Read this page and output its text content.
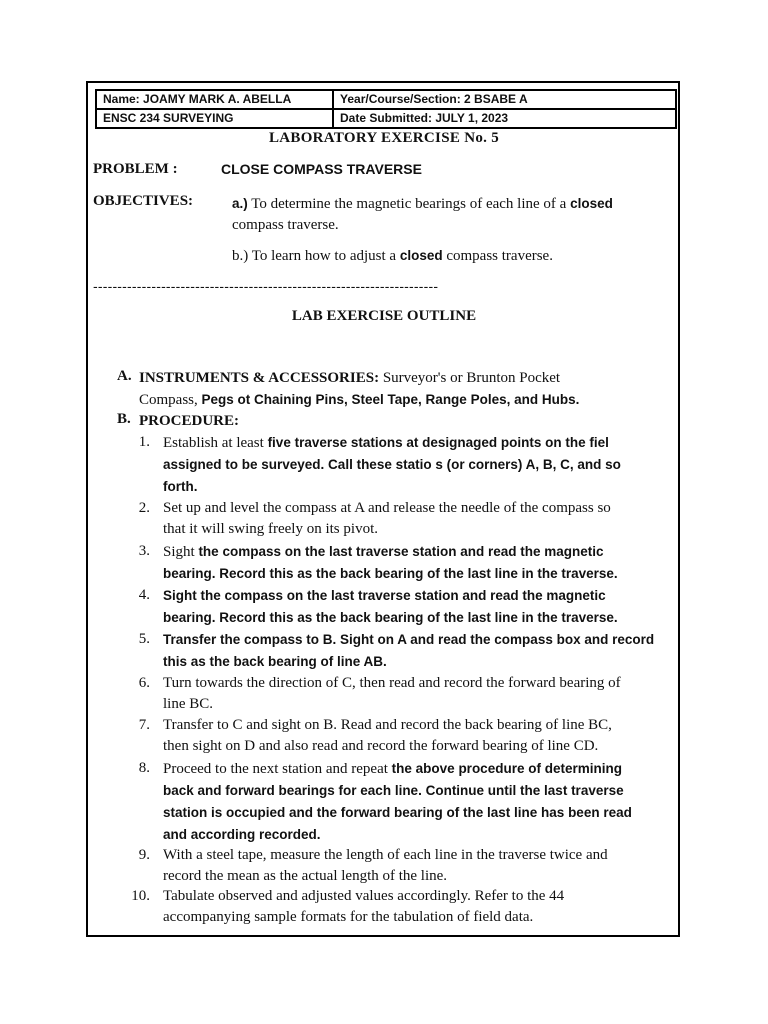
Name: JOAMY MARK A. ABELLA	Year/Course/Section: 2 BSABE A
ENSC 234 SURVEYING	Date Submitted: JULY 1, 2023
LABORATORY EXERCISE No. 5
PROBLEM :	CLOSE COMPASS TRAVERSE
OBJECTIVES:	a.) To determine the magnetic bearings of each line of a closed
compass traverse.
b.) To learn how to adjust a closed compass traverse.
-----------------------------------------------------------------------
LAB EXERCISE OUTLINE
A. INSTRUMENTS & ACCESSORIES: Surveyor's or Brunton Pocket
Compass, Pegs ot Chaining Pins, Steel Tape, Range Poles, and Hubs.
B. PROCEDURE:
1. Establish at least five traverse stations at designaged points on the fiel
assigned to be surveyed. Call these statio s (or corners) A, B, C, and so
forth.
2. Set up and level the compass at A and release the needle of the compass so
that it will swing freely on its pivot.
3. Sight the compass on the last traverse station and read the magnetic
bearing. Record this as the back bearing of the last line in the traverse.
4. Sight the compass on the last traverse station and read the magnetic
bearing. Record this as the back bearing of the last line in the traverse.
5. Transfer the compass to B. Sight on A and read the compass box and record
this as the back bearing of line AB.
6. Turn towards the direction of C, then read and record the forward bearing of
line BC.
7. Transfer to C and sight on B. Read and record the back bearing of line BC,
then sight on D and also read and record the forward bearing of line CD.
8. Proceed to the next station and repeat the above procedure of determining
back and forward bearings for each line. Continue until the last traverse
station is occupied and the forward bearing of the last line has been read
and according recorded.
9. With a steel tape, measure the length of each line in the traverse twice and
record the mean as the actual length of the line.
10. Tabulate observed and adjusted values accordingly. Refer to the 44
accompanying sample formats for the tabulation of field data.
